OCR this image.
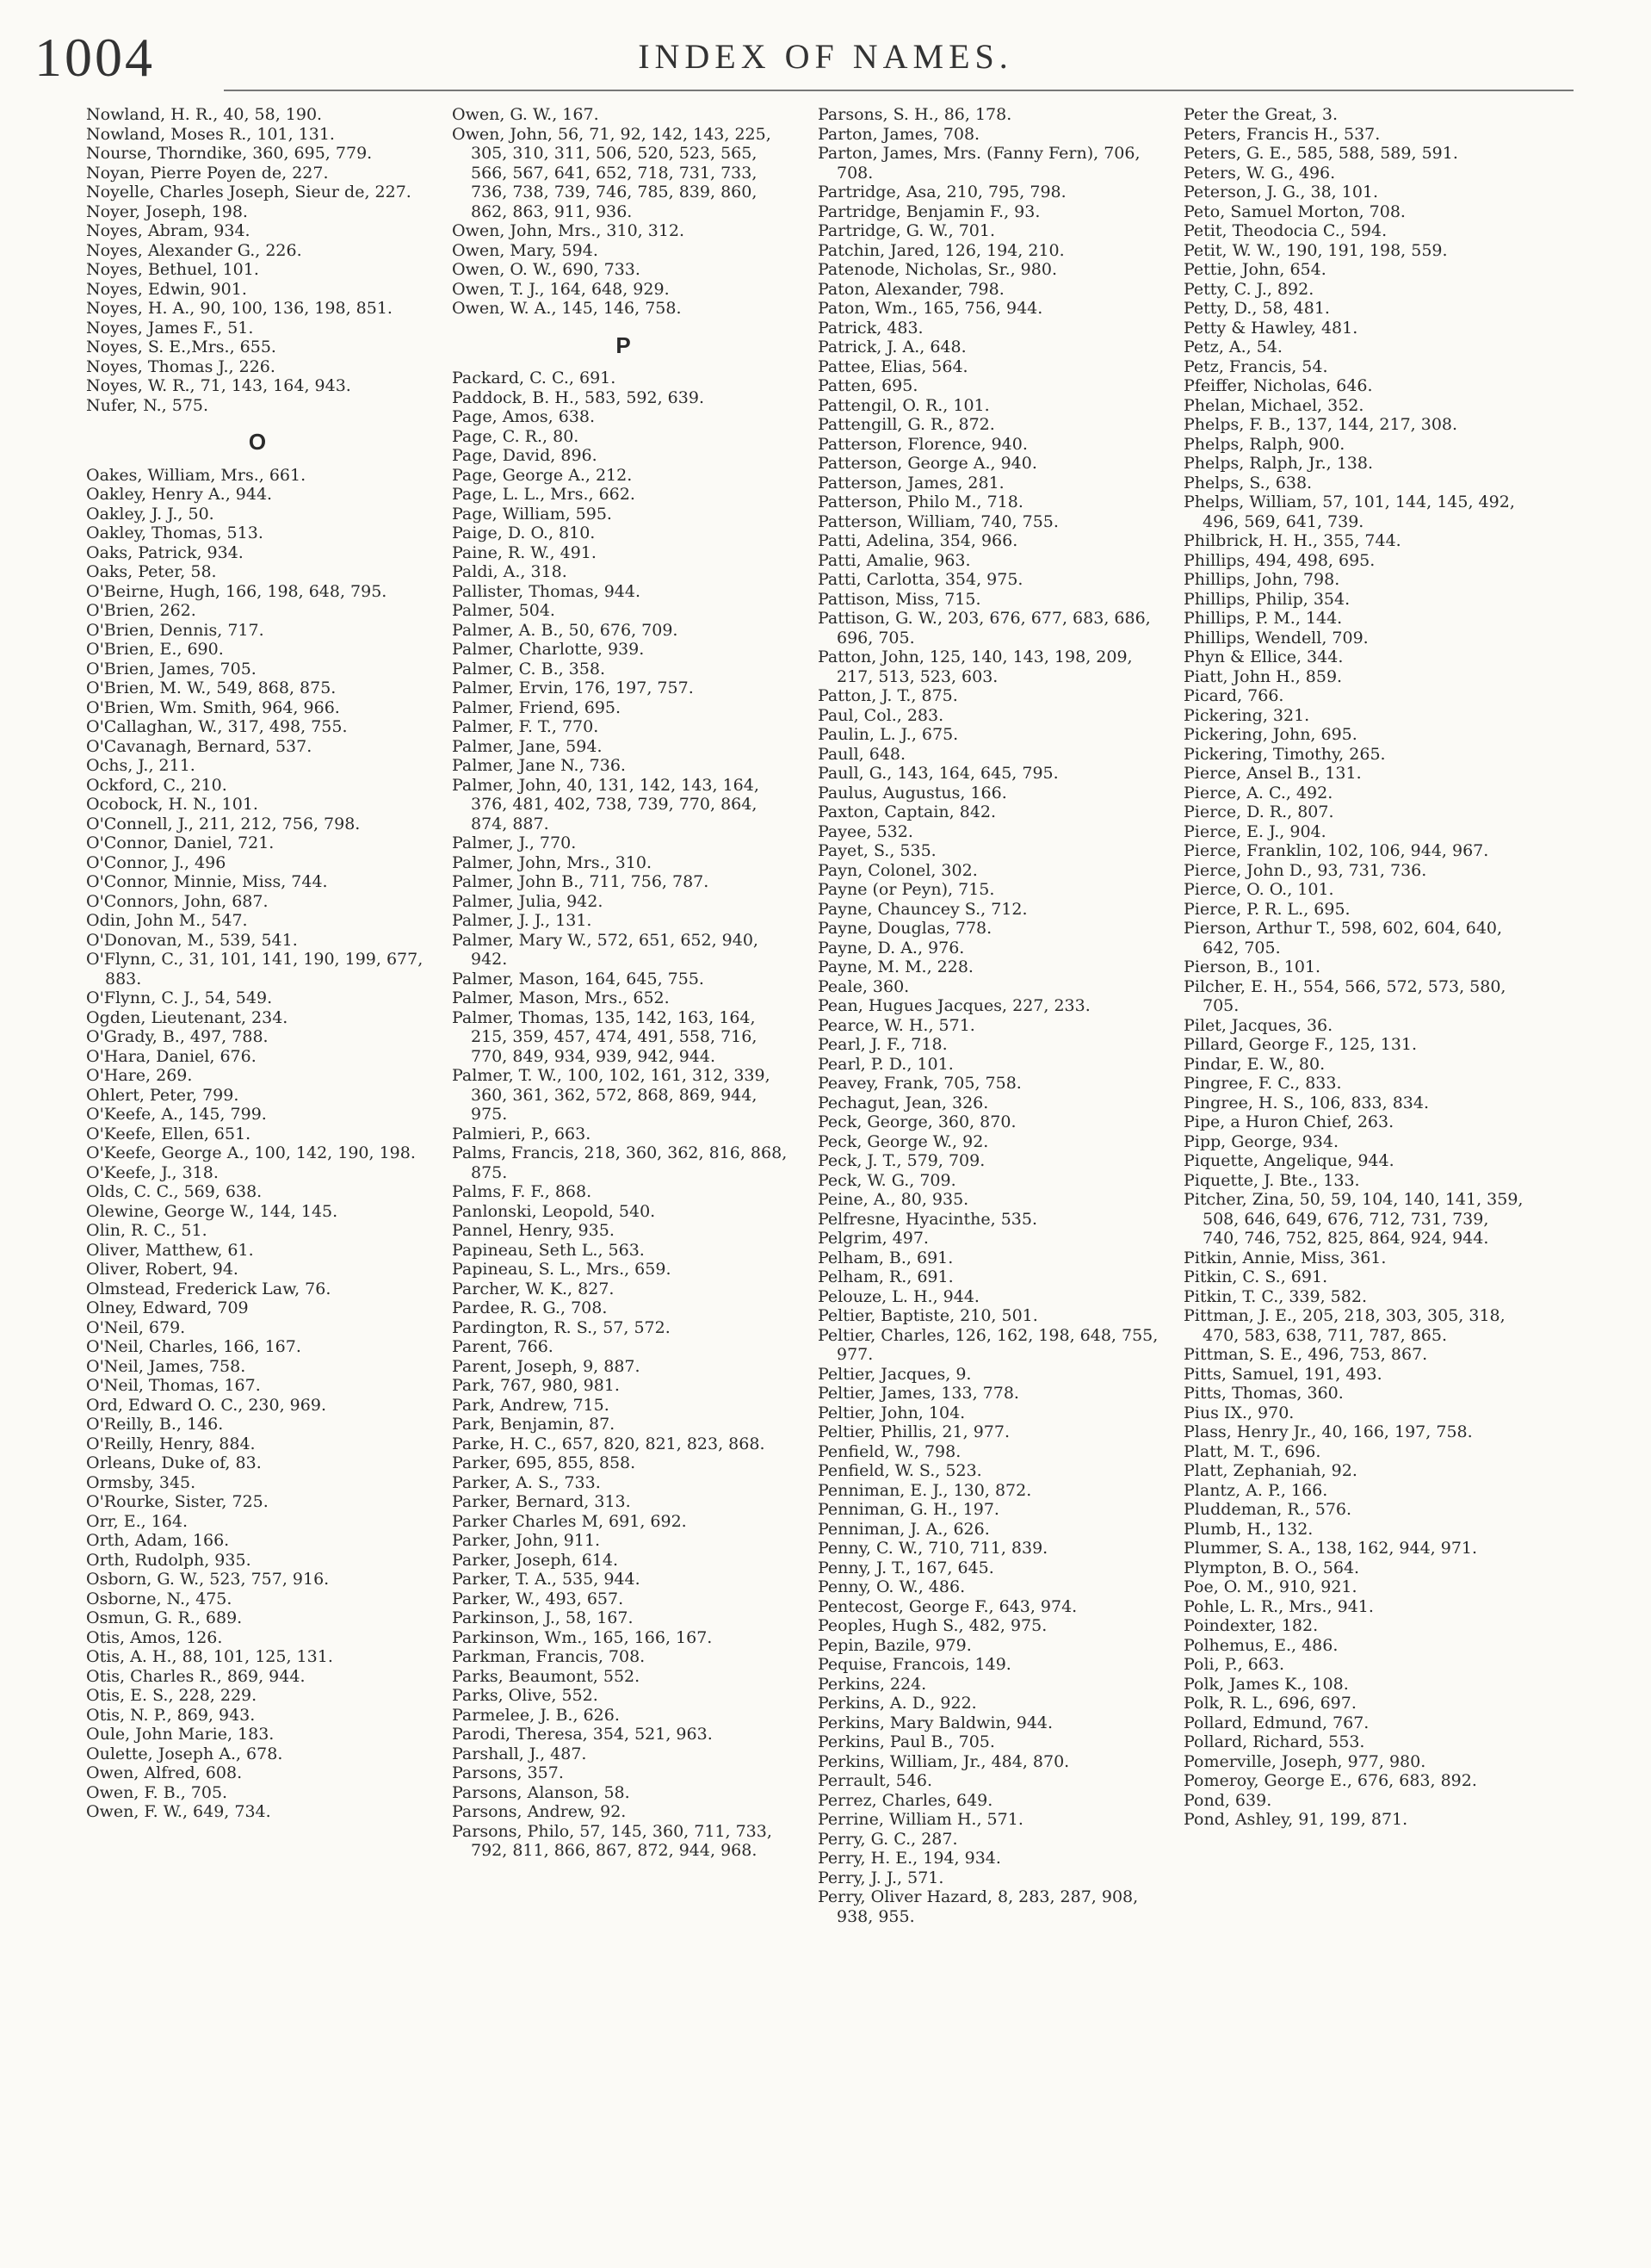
1004	INDEX OF NAMES.
Nowland, H. R., 40, 58, 190.
Nowland, Moses R., 101, 131.
Nourse, Thorndike, 360, 695, 779.
Noyan, Pierre Poyen de, 227.
Noyelle, Charles Joseph, Sieur de, 227.
Noyer, Joseph, 198.
Noyes, Abram, 934.
Noyes, Alexander G., 226.
Noyes, Bethuel, 101.
Noyes, Edwin, 901.
Noyes, H. A., 90, 100, 136, 198, 851.
Noyes, James F., 51.
Noyes, S. E.,Mrs., 655.
Noyes, Thomas J., 226.
Noyes, W. R., 71, 143, 164, 943.
Nufer, N., 575.
O
Oakes, William, Mrs., 661.
Oakley, Henry A., 944.
Oakley, J. J., 50.
Oakley, Thomas, 513.
Oaks, Patrick, 934.
Oaks, Peter, 58.
O'Beirne, Hugh, 166, 198, 648, 795.
O'Brien, 262.
O'Brien, Dennis, 717.
O'Brien, E., 690.
O'Brien, James, 705.
O'Brien, M. W., 549, 868, 875.
O'Brien, Wm. Smith, 964, 966.
O'Callaghan, W., 317, 498, 755.
O'Cavanagh, Bernard, 537.
Ochs, J., 211.
Ockford, C., 210.
Ocobock, H. N., 101.
O'Connell, J., 211, 212, 756, 798.
O'Connor, Daniel, 721.
O'Connor, J., 496
O'Connor, Minnie, Miss, 744.
O'Connors, John, 687.
Odin, John M., 547.
O'Donovan, M., 539, 541.
O'Flynn, C., 31, 101, 141, 190, 199, 677, 883.
O'Flynn, C. J., 54, 549.
Ogden, Lieutenant, 234.
O'Grady, B., 497, 788.
O'Hara, Daniel, 676.
O'Hare, 269.
Ohlert, Peter, 799.
O'Keefe, A., 145, 799.
O'Keefe, Ellen, 651.
O'Keefe, George A., 100, 142, 190, 198.
O'Keefe, J., 318.
Olds, C. C., 569, 638.
Olewine, George W., 144, 145.
Olin, R. C., 51.
Oliver, Matthew, 61.
Oliver, Robert, 94.
Olmstead, Frederick Law, 76.
Olney, Edward, 709
O'Neil, 679.
O'Neil, Charles, 166, 167.
O'Neil, James, 758.
O'Neil, Thomas, 167.
Ord, Edward O. C., 230, 969.
O'Reilly, B., 146.
O'Reilly, Henry, 884.
Orleans, Duke of, 83.
Ormsby, 345.
O'Rourke, Sister, 725.
Orr, E., 164.
Orth, Adam, 166.
Orth, Rudolph, 935.
Osborn, G. W., 523, 757, 916.
Osborne, N., 475.
Osmun, G. R., 689.
Otis, Amos, 126.
Otis, A. H., 88, 101, 125, 131.
Otis, Charles R., 869, 944.
Otis, E. S., 228, 229.
Otis, N. P., 869, 943.
Oule, John Marie, 183.
Oulette, Joseph A., 678.
Owen, Alfred, 608.
Owen, F. B., 705.
Owen, F. W., 649, 734.
Owen, G. W., 167.
Owen, John, 56, 71, 92, 142, 143, 225, 305, 310, 311, 506, 520, 523, 565, 566, 567, 641, 652, 718, 731, 733, 736, 738, 739, 746, 785, 839, 860, 862, 863, 911, 936.
Owen, John, Mrs., 310, 312.
Owen, Mary, 594.
Owen, O. W., 690, 733.
Owen, T. J., 164, 648, 929.
Owen, W. A., 145, 146, 758.
P
Packard, C. C., 691.
Paddock, B. H., 583, 592, 639.
Page, Amos, 638.
Page, C. R., 80.
Page, David, 896.
Page, George A., 212.
Page, L. L., Mrs., 662.
Page, William, 595.
Paige, D. O., 810.
Paine, R. W., 491.
Paldi, A., 318.
Pallister, Thomas, 944.
Palmer, 504.
Palmer, A. B., 50, 676, 709.
Palmer, Charlotte, 939.
Palmer, C. B., 358.
Palmer, Ervin, 176, 197, 757.
Palmer, Friend, 695.
Palmer, F. T., 770.
Palmer, Jane, 594.
Palmer, Jane N., 736.
Palmer, John, 40, 131, 142, 143, 164, 376, 481, 402, 738, 739, 770, 864, 874, 887.
Palmer, J., 770.
Palmer, John, Mrs., 310.
Palmer, John B., 711, 756, 787.
Palmer, Julia, 942.
Palmer, J. J., 131.
Palmer, Mary W., 572, 651, 652, 940, 942.
Palmer, Mason, 164, 645, 755.
Palmer, Mason, Mrs., 652.
Palmer, Thomas, 135, 142, 163, 164, 215, 359, 457, 474, 491, 558, 716, 770, 849, 934, 939, 942, 944.
Palmer, T. W., 100, 102, 161, 312, 339, 360, 361, 362, 572, 868, 869, 944, 975.
Palmieri, P., 663.
Palms, Francis, 218, 360, 362, 816, 868, 875.
Palms, F. F., 868.
Panlonski, Leopold, 540.
Pannel, Henry, 935.
Papineau, Seth L., 563.
Papineau, S. L., Mrs., 659.
Parcher, W. K., 827.
Pardee, R. G., 708.
Pardington, R. S., 57, 572.
Parent, 766.
Parent, Joseph, 9, 887.
Park, 767, 980, 981.
Park, Andrew, 715.
Park, Benjamin, 87.
Parke, H. C., 657, 820, 821, 823, 868.
Parker, 695, 855, 858.
Parker, A. S., 733.
Parker, Bernard, 313.
Parker Charles M, 691, 692.
Parker, John, 911.
Parker, Joseph, 614.
Parker, T. A., 535, 944.
Parker, W., 493, 657.
Parkinson, J., 58, 167.
Parkinson, Wm., 165, 166, 167.
Parkman, Francis, 708.
Parks, Beaumont, 552.
Parks, Olive, 552.
Parmelee, J. B., 626.
Parodi, Theresa, 354, 521, 963.
Parshall, J., 487.
Parsons, 357.
Parsons, Alanson, 58.
Parsons, Andrew, 92.
Parsons, Philo, 57, 145, 360, 711, 733, 792, 811, 866, 867, 872, 944, 968.
Parsons, S. H., 86, 178.
Parton, James, 708.
Parton, James, Mrs. (Fanny Fern), 706, 708.
Partridge, Asa, 210, 795, 798.
Partridge, Benjamin F., 93.
Partridge, G. W., 701.
Patchin, Jared, 126, 194, 210.
Patenode, Nicholas, Sr., 980.
Paton, Alexander, 798.
Paton, Wm., 165, 756, 944.
Patrick, 483.
Patrick, J. A., 648.
Pattee, Elias, 564.
Patten, 695.
Pattengil, O. R., 101.
Pattengill, G. R., 872.
Patterson, Florence, 940.
Patterson, George A., 940.
Patterson, James, 281.
Patterson, Philo M., 718.
Patterson, William, 740, 755.
Patti, Adelina, 354, 966.
Patti, Amalie, 963.
Patti, Carlotta, 354, 975.
Pattison, Miss, 715.
Pattison, G. W., 203, 676, 677, 683, 686, 696, 705.
Patton, John, 125, 140, 143, 198, 209, 217, 513, 523, 603.
Patton, J. T., 875.
Paul, Col., 283.
Paulin, L. J., 675.
Paull, 648.
Paull, G., 143, 164, 645, 795.
Paulus, Augustus, 166.
Paxton, Captain, 842.
Payee, 532.
Payet, S., 535.
Payn, Colonel, 302.
Payne (or Peyn), 715.
Payne, Chauncey S., 712.
Payne, Douglas, 778.
Payne, D. A., 976.
Payne, M. M., 228.
Peale, 360.
Pean, Hugues Jacques, 227, 233.
Pearce, W. H., 571.
Pearl, J. F., 718.
Pearl, P. D., 101.
Peavey, Frank, 705, 758.
Pechagut, Jean, 326.
Peck, George, 360, 870.
Peck, George W., 92.
Peck, J. T., 579, 709.
Peck, W. G., 709.
Peine, A., 80, 935.
Pelfresne, Hyacinthe, 535.
Pelgrim, 497.
Pelham, B., 691.
Pelham, R., 691.
Pelouze, L. H., 944.
Peltier, Baptiste, 210, 501.
Peltier, Charles, 126, 162, 198, 648, 755, 977.
Peltier, Jacques, 9.
Peltier, James, 133, 778.
Peltier, John, 104.
Peltier, Phillis, 21, 977.
Penfield, W., 798.
Penfield, W. S., 523.
Penniman, E. J., 130, 872.
Penniman, G. H., 197.
Penniman, J. A., 626.
Penny, C. W., 710, 711, 839.
Penny, J. T., 167, 645.
Penny, O. W., 486.
Pentecost, George F., 643, 974.
Peoples, Hugh S., 482, 975.
Pepin, Bazile, 979.
Pequise, Francois, 149.
Perkins, 224.
Perkins, A. D., 922.
Perkins, Mary Baldwin, 944.
Perkins, Paul B., 705.
Perkins, William, Jr., 484, 870.
Perrault, 546.
Perrez, Charles, 649.
Perrine, William H., 571.
Perry, G. C., 287.
Perry, H. E., 194, 934.
Perry, J. J., 571.
Perry, Oliver Hazard, 8, 283, 287, 908, 938, 955.
Peter the Great, 3.
Peters, Francis H., 537.
Peters, G. E., 585, 588, 589, 591.
Peters, W. G., 496.
Peterson, J. G., 38, 101.
Peto, Samuel Morton, 708.
Petit, Theodocia C., 594.
Petit, W. W., 190, 191, 198, 559.
Pettie, John, 654.
Petty, C. J., 892.
Petty, D., 58, 481.
Petty & Hawley, 481.
Petz, A., 54.
Petz, Francis, 54.
Pfeiffer, Nicholas, 646.
Phelan, Michael, 352.
Phelps, F. B., 137, 144, 217, 308.
Phelps, Ralph, 900.
Phelps, Ralph, Jr., 138.
Phelps, S., 638.
Phelps, William, 57, 101, 144, 145, 492, 496, 569, 641, 739.
Philbrick, H. H., 355, 744.
Phillips, 494, 498, 695.
Phillips, John, 798.
Phillips, Philip, 354.
Phillips, P. M., 144.
Phillips, Wendell, 709.
Phyn & Ellice, 344.
Piatt, John H., 859.
Picard, 766.
Pickering, 321.
Pickering, John, 695.
Pickering, Timothy, 265.
Pierce, Ansel B., 131.
Pierce, A. C., 492.
Pierce, D. R., 807.
Pierce, E. J., 904.
Pierce, Franklin, 102, 106, 944, 967.
Pierce, John D., 93, 731, 736.
Pierce, O. O., 101.
Pierce, P. R. L., 695.
Pierson, Arthur T., 598, 602, 604, 640, 642, 705.
Pierson, B., 101.
Pilcher, E. H., 554, 566, 572, 573, 580, 705.
Pilet, Jacques, 36.
Pillard, George F., 125, 131.
Pindar, E. W., 80.
Pingree, F. C., 833.
Pingree, H. S., 106, 833, 834.
Pipe, a Huron Chief, 263.
Pipp, George, 934.
Piquette, Angelique, 944.
Piquette, J. Bte., 133.
Pitcher, Zina, 50, 59, 104, 140, 141, 359, 508, 646, 649, 676, 712, 731, 739, 740, 746, 752, 825, 864, 924, 944.
Pitkin, Annie, Miss, 361.
Pitkin, C. S., 691.
Pitkin, T. C., 339, 582.
Pittman, J. E., 205, 218, 303, 305, 318, 470, 583, 638, 711, 787, 865.
Pittman, S. E., 496, 753, 867.
Pitts, Samuel, 191, 493.
Pitts, Thomas, 360.
Pius IX., 970.
Plass, Henry Jr., 40, 166, 197, 758.
Platt, M. T., 696.
Platt, Zephaniah, 92.
Plantz, A. P., 166.
Pluddeman, R., 576.
Plumb, H., 132.
Plummer, S. A., 138, 162, 944, 971.
Plympton, B. O., 564.
Poe, O. M., 910, 921.
Pohle, L. R., Mrs., 941.
Poindexter, 182.
Polhemus, E., 486.
Poli, P., 663.
Polk, James K., 108.
Polk, R. L., 696, 697.
Pollard, Edmund, 767.
Pollard, Richard, 553.
Pomerville, Joseph, 977, 980.
Pomeroy, George E., 676, 683, 892.
Pond, 639.
Pond, Ashley, 91, 199, 871.
